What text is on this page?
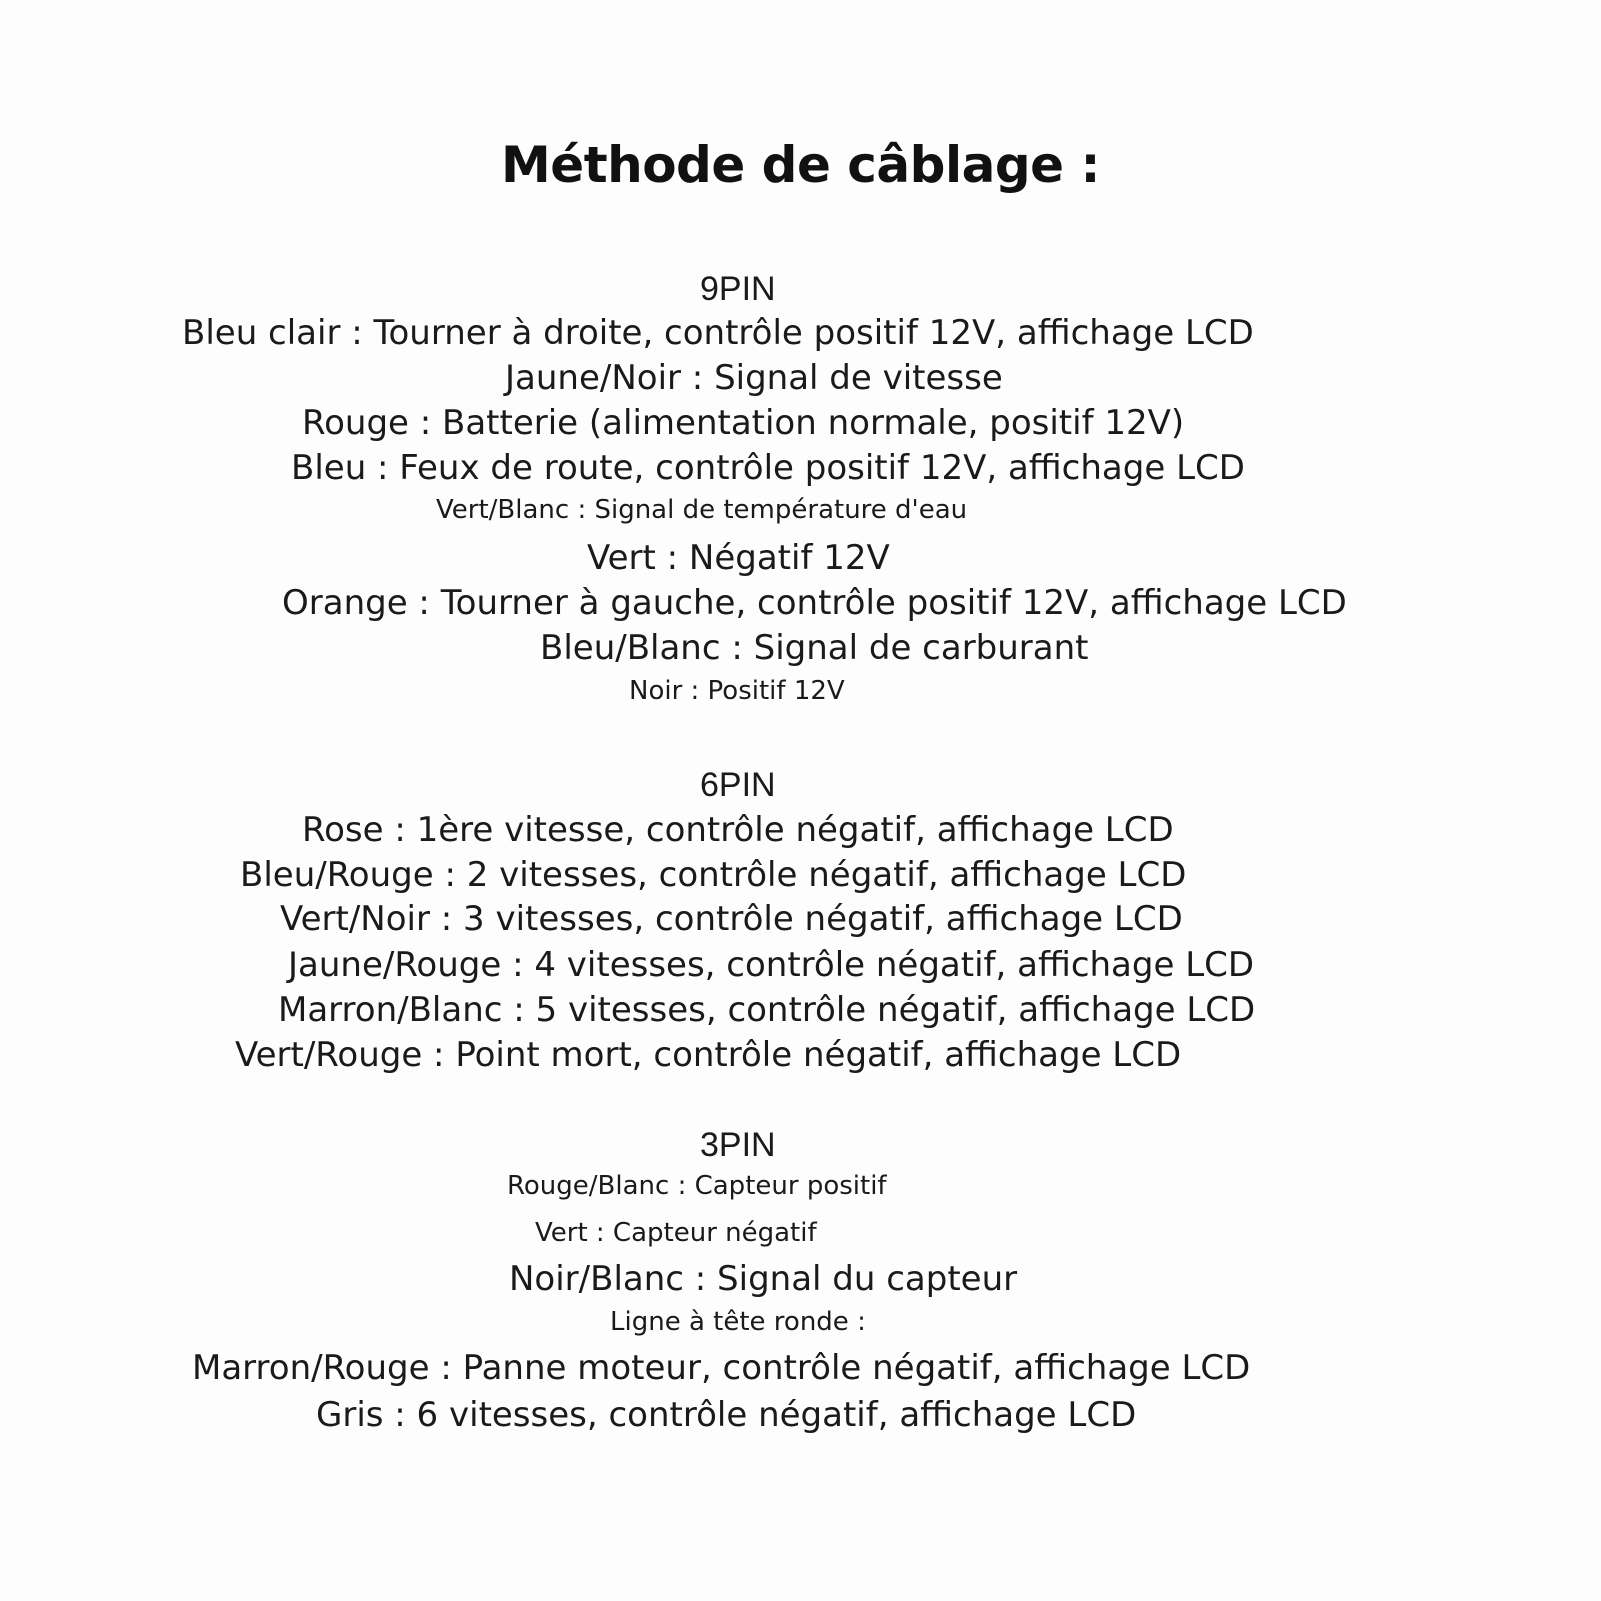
Méthode de câblage :
9PIN
Bleu clair : Tourner à droite, contrôle positif 12V, affichage LCD
Jaune/Noir : Signal de vitesse
Rouge : Batterie (alimentation normale, positif 12V)
Bleu : Feux de route, contrôle positif 12V, affichage LCD
Vert/Blanc : Signal de température d'eau
Vert : Négatif 12V
Orange : Tourner à gauche, contrôle positif 12V, affichage LCD
Bleu/Blanc : Signal de carburant
Noir : Positif 12V
6PIN
Rose : 1ère vitesse, contrôle négatif, affichage LCD
Bleu/Rouge : 2 vitesses, contrôle négatif, affichage LCD
Vert/Noir : 3 vitesses, contrôle négatif, affichage LCD
Jaune/Rouge : 4 vitesses, contrôle négatif, affichage LCD
Marron/Blanc : 5 vitesses, contrôle négatif, affichage LCD
Vert/Rouge : Point mort, contrôle négatif, affichage LCD
3PIN
Rouge/Blanc : Capteur positif
Vert : Capteur négatif
Noir/Blanc : Signal du capteur
Ligne à tête ronde :
Marron/Rouge : Panne moteur, contrôle négatif, affichage LCD
Gris : 6 vitesses, contrôle négatif, affichage LCD
